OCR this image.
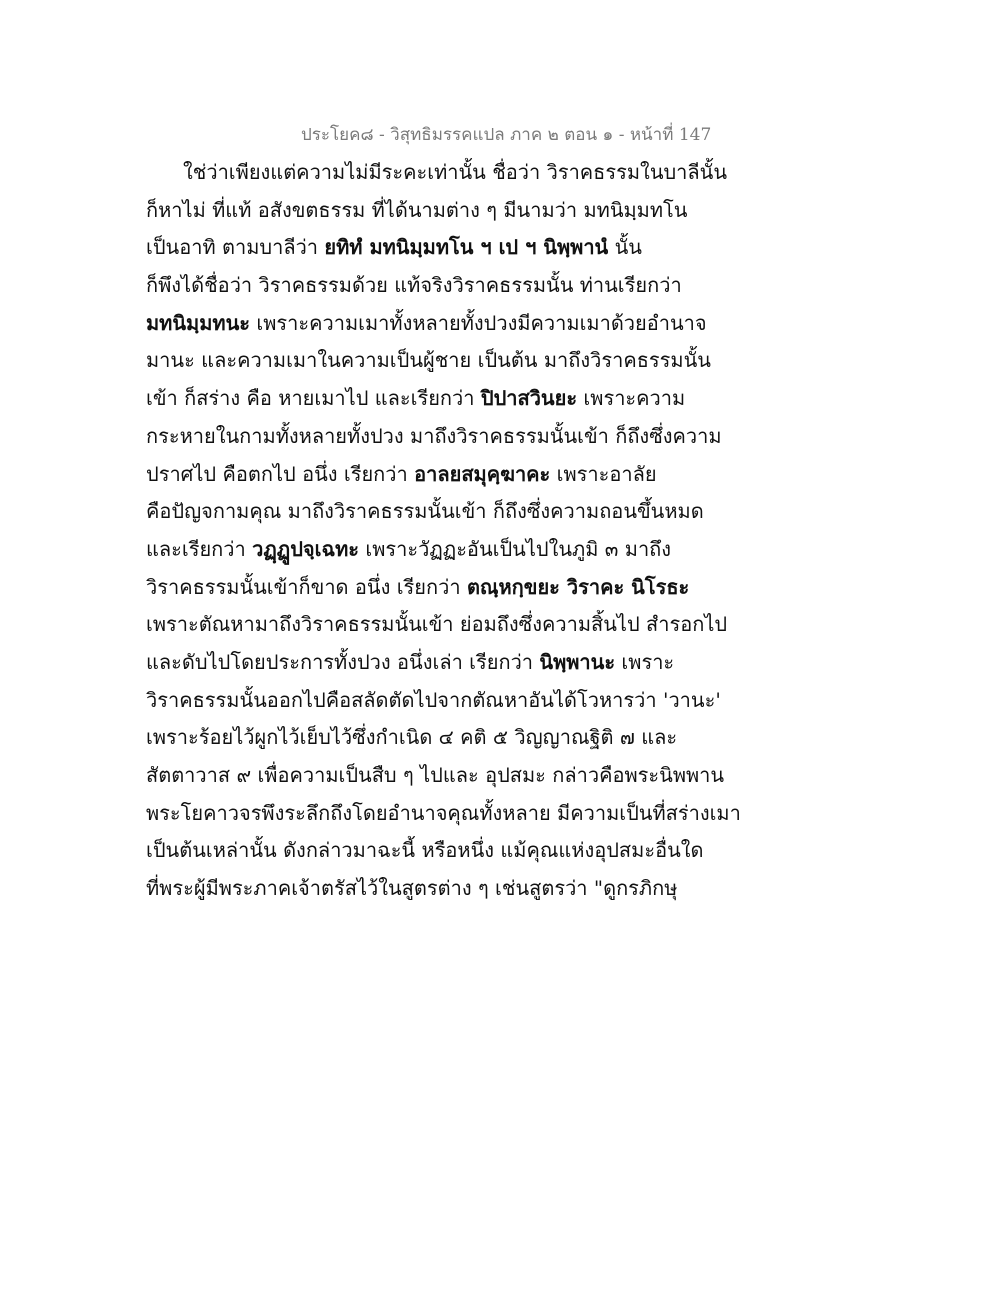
ประโยค๘ - วิสุทธิมรรคแปล ภาค ๒ ตอน ๑ - หน้าที่ 147
ใช่ว่าเพียงแต่ความไม่มีระคะเท่านั้น ชื่อว่า วิราคธรรมในบาลีนั้น
ก็หาไม่ ที่แท้ อสังขตธรรม ที่ได้นามต่าง ๆ มีนามว่า มทนิมฺมทโน
เป็นอาทิ ตามบาลีว่า ยทิทํ มทนิมฺมทโน ฯ เป ฯ นิพฺพานํ นั้น
ก็พึงได้ชื่อว่า วิราคธรรมด้วย แท้จริงวิราคธรรมนั้น ท่านเรียกว่า
มทนิมฺมทนะ เพราะความเมาทั้งหลายทั้งปวงมีความเมาด้วยอำนาจ
มานะ และความเมาในความเป็นผู้ชาย เป็นต้น มาถึงวิราคธรรมนั้น
เข้า ก็สร่าง คือ หายเมาไป และเรียกว่า ปิปาสวินยะ เพราะความ
กระหายในกามทั้งหลายทั้งปวง มาถึงวิราคธรรมนั้นเข้า ก็ถึงซึ่งความ
ปราศไป คือตกไป อนึ่ง เรียกว่า อาลยสมุคฺฆาคะ เพราะอาลัย
คือปัญจกามคุณ มาถึงวิราคธรรมนั้นเข้า ก็ถึงซึ่งความถอนขึ้นหมด
และเรียกว่า วฏฺฏูปจฺเฉทะ เพราะวัฏฏะอันเป็นไปในภูมิ ๓ มาถึง
วิราคธรรมนั้นเข้าก็ขาด อนึ่ง เรียกว่า ตณฺหกฺขยะ วิราคะ นิโรธะ
เพราะตัณหามาถึงวิราคธรรมนั้นเข้า ย่อมถึงซึ่งความสิ้นไป สำรอกไป
และดับไปโดยประการทั้งปวง อนึ่งเล่า เรียกว่า นิพฺพานะ เพราะ
วิราคธรรมนั้นออกไปคือสลัดตัดไปจากตัณหาอันได้โวหารว่า 'วานะ'
เพราะร้อยไว้ผูกไว้เย็บไว้ซึ่งกำเนิด ๔ คติ ๕ วิญญาณฐิติ ๗ และ
สัตตาวาส ๙ เพื่อความเป็นสืบ ๆ ไปและ อุปสมะ กล่าวคือพระนิพพาน
พระโยคาวจรพึงระลึกถึงโดยอำนาจคุณทั้งหลาย มีความเป็นที่สร่างเมา
เป็นต้นเหล่านั้น ดังกล่าวมาฉะนี้ หรือหนึ่ง แม้คุณแห่งอุปสมะอื่นใด
ที่พระผู้มีพระภาคเจ้าตรัสไว้ในสูตรต่าง ๆ เช่นสูตรว่า "ดูกรภิกษุ
